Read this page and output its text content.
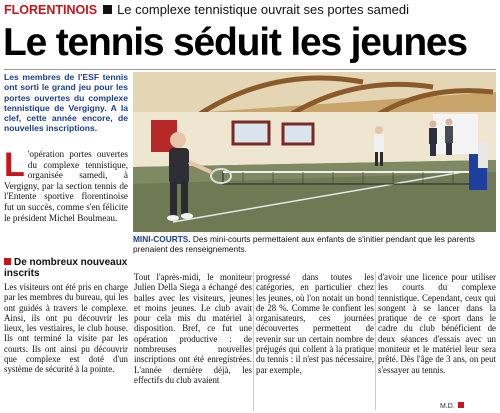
FLORENTINOIS Le complexe tennistique ouvrait ses portes samedi
Le tennis séduit les jeunes

Les membres de l'ESF tennis ont sorti le grand jeu pour les portes ouvertes du complexe tennistique de Vergigny. A la clef, cette année encore, de nouvelles inscriptions.

L 'opération portes ouvertes du complexe tennistique, organisée samedi, à Vergigny, par la section tennis de l'Entente sportive florentinoise fut un succès, comme s'en félicite le président Michel Boulmeau.

De nombreux nouveaux inscrits

Les visiteurs ont été pris en charge par les membres du bureau, qui les ont guidés à travers le complexe. Ainsi, ils ont pu découvrir les lieux, les vestiaires, le club house. Ils ont terminé la visite par les courts. Ils ont ainsi pu découvrir que complexe est doté d'un système de sécurité à la pointe.

Tout l'après-midi, le moniteur Julien Della Siega a échangé des balles avec les visiteurs, jeunes et moins jeunes. Le club avait pour cela mis du matériel à disposition. Bref, ce fut une opération productive : de nombreuses nouvelles inscriptions ont été enregistrées. L'année dernière déjà, les effectifs du club avaient

progressé dans toutes les catégories, en particulier chez les jeunes, où l'on notait un bond de 28 %. Comme le confient les organisateurs, ces journées découvertes permettent de revenir sur un certain nombre de préjugés qui collent à la pratique du tennis : il n'est pas nécessaire, par exemple,

d'avoir une licence pour utiliser les courts du complexe tennistique. Cependant, ceux qui songent à se lancer dans la pratique de ce sport dans le cadre du club bénéficient de deux séances d'essais avec un moniteur et le matériel leur sera prêté. Dès l'âge de 3 ans, on peut s'essayer au tennis.

MINI-COURTS. Des mini-courts permettaient aux enfants de s'initier pendant que les parents prenaient des renseignements.

M.D.
